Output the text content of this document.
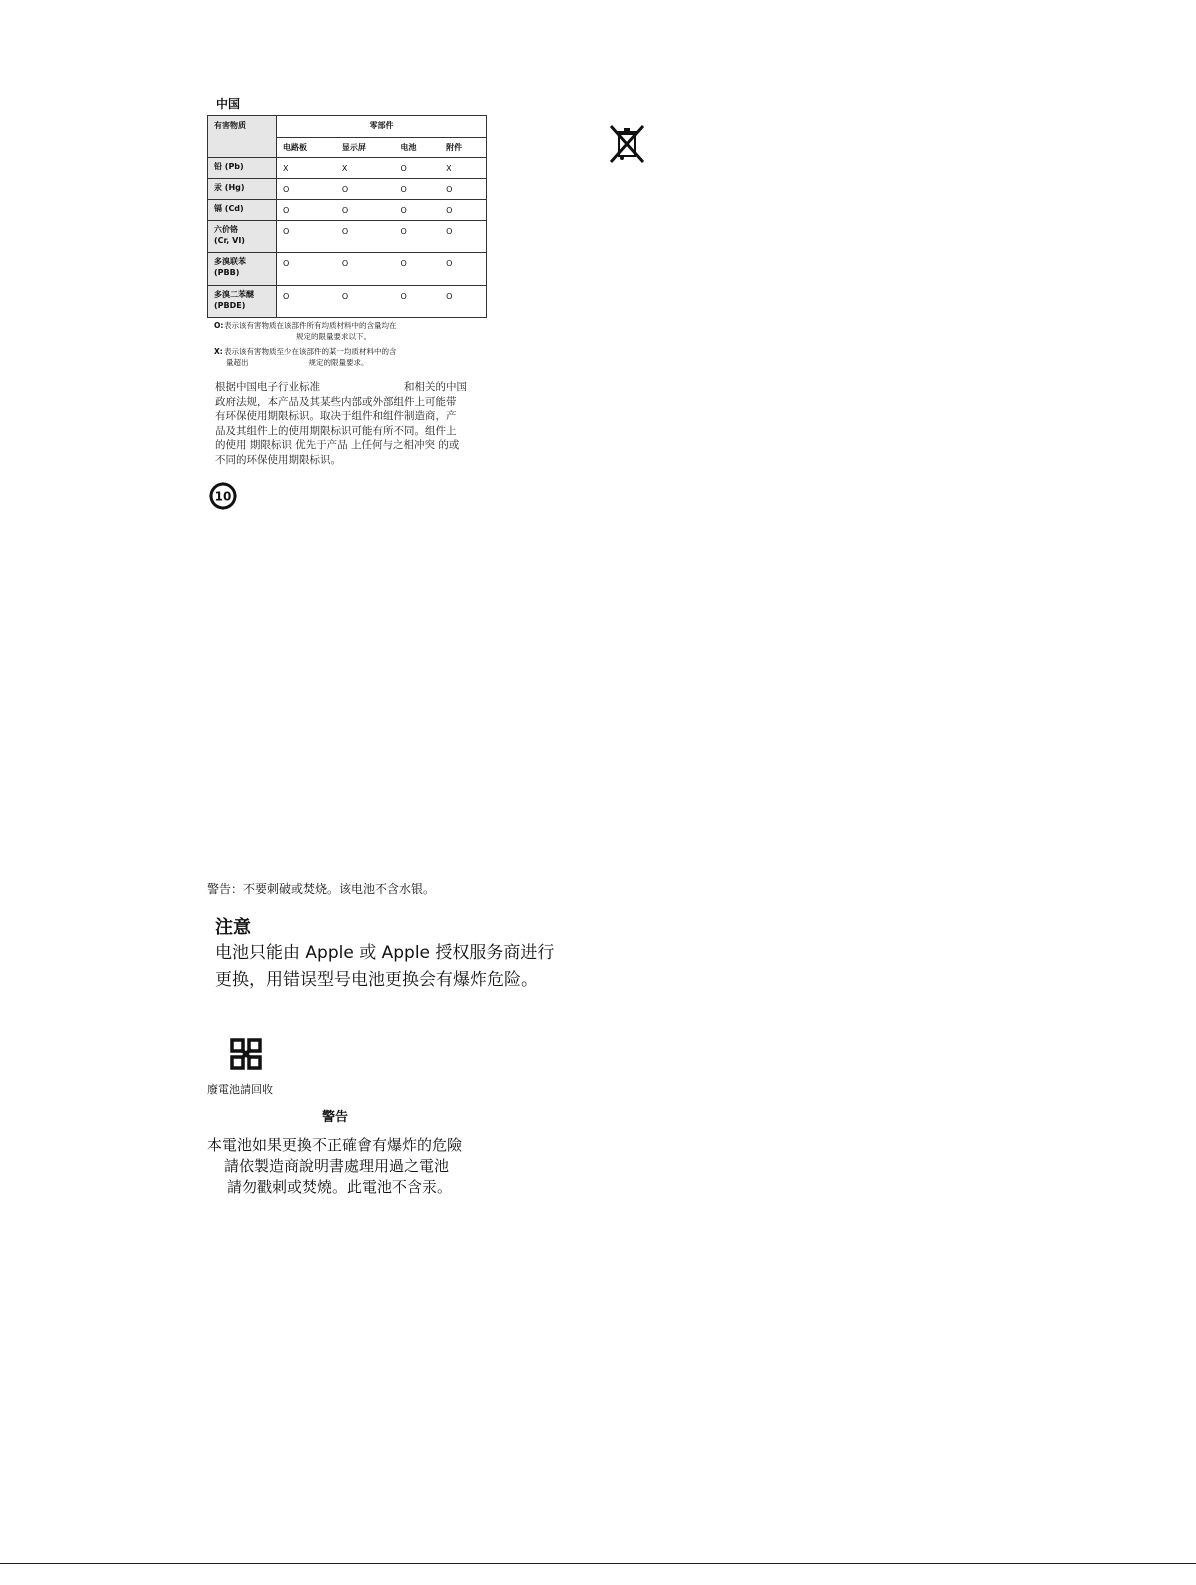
中国
有害物质	零部件			
	电路板	显示屏	电池	附件
铅 (Pb)	X	X	O	X
汞 (Hg)	O	O	O	O
镉 (Cd)	O	O	O	O
六价铬
(Cr, VI)	O	O	O	O
多溴联苯
(PBB)	O	O	O	O
多溴二苯醚
(PBDE)	O	O	O	O
O: 表示该有害物质在该部件所有均质材料中的含量均在
规定的限量要求以下。
X: 表示该有害物质至少在该部件的某一均质材料中的含
量超出　　　　　　　　规定的限量要求。
根据中国电子行业标准　　　　　　　　和相关的中国
政府法规，本产品及其某些内部或外部组件上可能带
有环保使用期限标识。取决于组件和组件制造商，产
品及其组件上的使用期限标识可能有所不同。组件上
的使用 期限标识 优先于产品 上任何与之相冲突 的或
不同的环保使用期限标识。
10
警告：不要刺破或焚烧。该电池不含水银。
注意
电池只能由 Apple 或 Apple 授权服务商进行
更换，用错误型号电池更换会有爆炸危险。
廢電池請回收
警告
本電池如果更換不正確會有爆炸的危險
請依製造商說明書處理用過之電池
請勿戳刺或焚燒。此電池不含汞。
